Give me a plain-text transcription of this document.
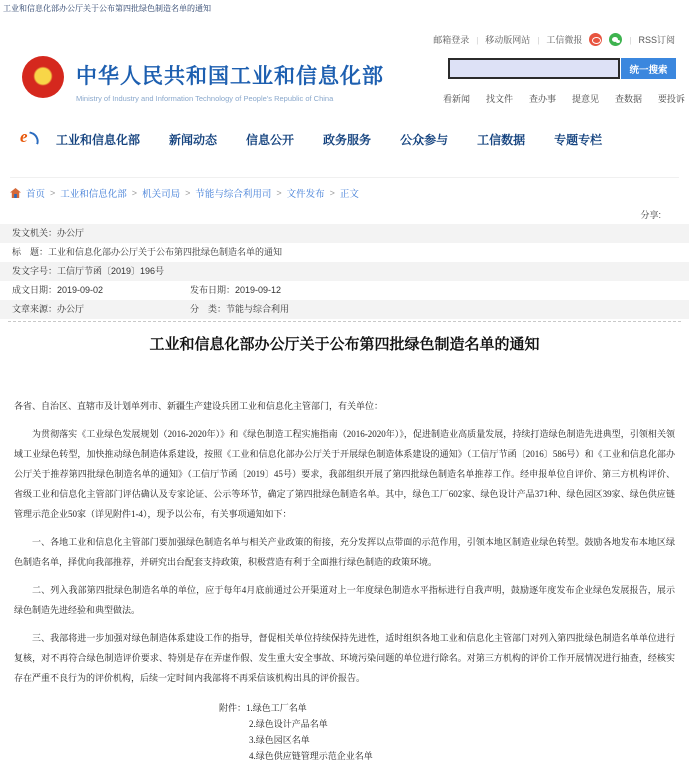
工业和信息化部办公厅关于公布第四批绿色制造名单的通知
邮箱登录 | 移动版网站 | 工信微报 |	RSS订阅
★ 中华人民共和国工业和信息化部
Ministry of Industry and Information Technology of People's Republic of China
统一搜索
看新闻 找文件 查办事 提意见 查数据 要投诉
e 工业和信息化部 新闻动态 信息公开 政务服务 公众参与 工信数据 专题专栏
首页 > 工业和信息化部 > 机关司局 > 节能与综合利用司 > 文件发布 > 正文
分享:
发文机关：办公厅
标　题：工业和信息化部办公厅关于公布第四批绿色制造名单的通知
发文字号：工信厅节函〔2019〕196号
成文日期：2019-09-02	发布日期：2019-09-12
文章来源：办公厅	分　类：节能与综合利用
工业和信息化部办公厅关于公布第四批绿色制造名单的通知
各省、自治区、直辖市及计划单列市、新疆生产建设兵团工业和信息化主管部门，有关单位：
为贯彻落实《工业绿色发展规划（2016-2020年）》和《绿色制造工程实施指南（2016-2020年）》，促进制造业高质量发展，持续打造绿色制造先进典型，引领相关领域工业绿色转型，加快推动绿色制造体系建设，按照《工业和信息化部办公厅关于开展绿色制造体系建设的通知》（工信厅节函〔2016〕586号）和《工业和信息化部办公厅关于推荐第四批绿色制造名单的通知》（工信厅节函〔2019〕45号）要求，我部组织开展了第四批绿色制造名单推荐工作。经申报单位自评价、第三方机构评价、省级工业和信息化主管部门评估确认及专家论证、公示等环节，确定了第四批绿色制造名单。其中，绿色工厂602家、绿色设计产品371种、绿色园区39家、绿色供应链管理示范企业50家（详见附件1-4），现予以公布，有关事项通知如下：
一、各地工业和信息化主管部门要加强绿色制造名单与相关产业政策的衔接，充分发挥以点带面的示范作用，引领本地区制造业绿色转型。鼓励各地发布本地区绿色制造名单，择优向我部推荐，并研究出台配套支持政策，积极营造有利于全面推行绿色制造的政策环境。
二、列入我部第四批绿色制造名单的单位，应于每年4月底前通过公开渠道对上一年度绿色制造水平指标进行自我声明，鼓励逐年度发布企业绿色发展报告，展示绿色制造先进经验和典型做法。
三、我部将进一步加强对绿色制造体系建设工作的指导，督促相关单位持续保持先进性，适时组织各地工业和信息化主管部门对列入第四批绿色制造名单单位进行复核，对不再符合绿色制造评价要求、特别是存在弄虚作假、发生重大安全事故、环境污染问题的单位进行除名。对第三方机构的评价工作开展情况进行抽查，经核实存在严重不良行为的评价机构，后续一定时间内我部将不再采信该机构出具的评价报告。
附件：1.绿色工厂名单
2.绿色设计产品名单
3.绿色园区名单
4.绿色供应链管理示范企业名单
